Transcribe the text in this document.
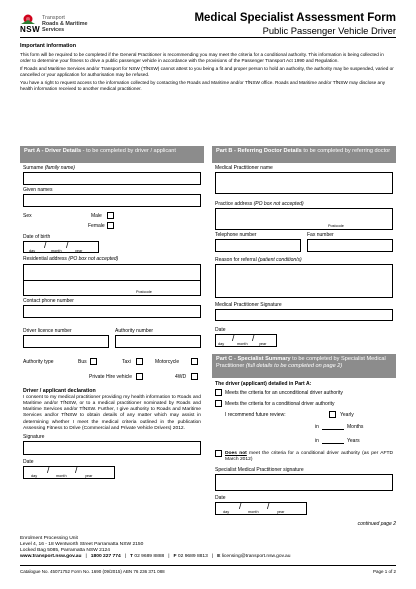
NSW
Transport
Roads & Maritime
Services
Medical Specialist Assessment Form
Public Passenger Vehicle Driver
Important information

This form will be required to be completed if the General Practitioner is recommending you may meet the criteria for a conditional authority. This information is being collected in order to determine your fitness to drive a public passenger vehicle in accordance with the provisions of the Passenger Transport Act 1990 and Regulation.

If Roads and Maritime Services and/or Transport for NSW (TfNSW) cannot attest to you being a fit and proper person to hold an authority, the authority may be suspended, varied or cancelled or your application for authorisation may be refused.

You have a right to request access to the information collected by contacting the Roads and Maritime and/or TfNSW office. Roads and Maritime and/or TfNSW may disclose any health information received to another medical practitioner.

Part A - Driver Details - to be completed by driver / applicant
Surname (family name)
Given names
Sex	Male
Female
Date of birth
/ /
day	month	year
Residential address (PO box not accepted)
Postcode
Contact phone number
Driver licence number	Authority number
Authority type	Bus	Taxi	Motorcycle
Private Hire vehicle	4WD
Driver / applicant declaration
I consent to my medical practitioner providing my health information to Roads and Maritime and/or TfNSW, or to a medical practitioner nominated by Roads and Maritime Services and/or TfNSW. Further, I give authority to Roads and Maritime Services and/or TfNSW to obtain details of any matter which may assist in determining whether I meet the medical criteria outlined in the publication Assessing Fitness to Drive (Commercial and Private Vehicle Drivers) 2012.
Signature
Date
/	/
day	month	year
Part B - Referring Doctor Details to be completed by referring doctor
Medical Practitioner name
Practice address (PO box not accepted)
Postcode
Telephone number	Fax number
Reason for referral (patient condition/s)
Medical Practitioner Signature
Date
/ /
day	month	year
Part C - Specialist Summary to be completed by Specialist Medical Practitioner (full details to be completed on page 2)
The driver (applicant) detailed in Part A:
Meets the criteria for an unconditional driver authority
Meets the criteria for a conditional driver authority
I recommend future review:	Yearly
in	Months
in	Years
Does not meet the criteria for a conditional driver authority (as per AFTD March 2012)
Specialist Medical Practitioner signature
Date
/	/
day	month	year
continued page 2
Enrolment Processing Unit
Level 4, 16 - 18 Wentworth Street Parramatta NSW 2150
Locked Bag 5085, Parramatta NSW 2124
www.transport.nsw.gov.au | 1800 227 774 | T 02 9689 8888 | F 02 9689 8813 | E licensing@transport.nsw.gov.au
Catalogue No. 45071752 Form No. 1690 (09/2015) ABN 76 236 371 088	Page 1 of 2
